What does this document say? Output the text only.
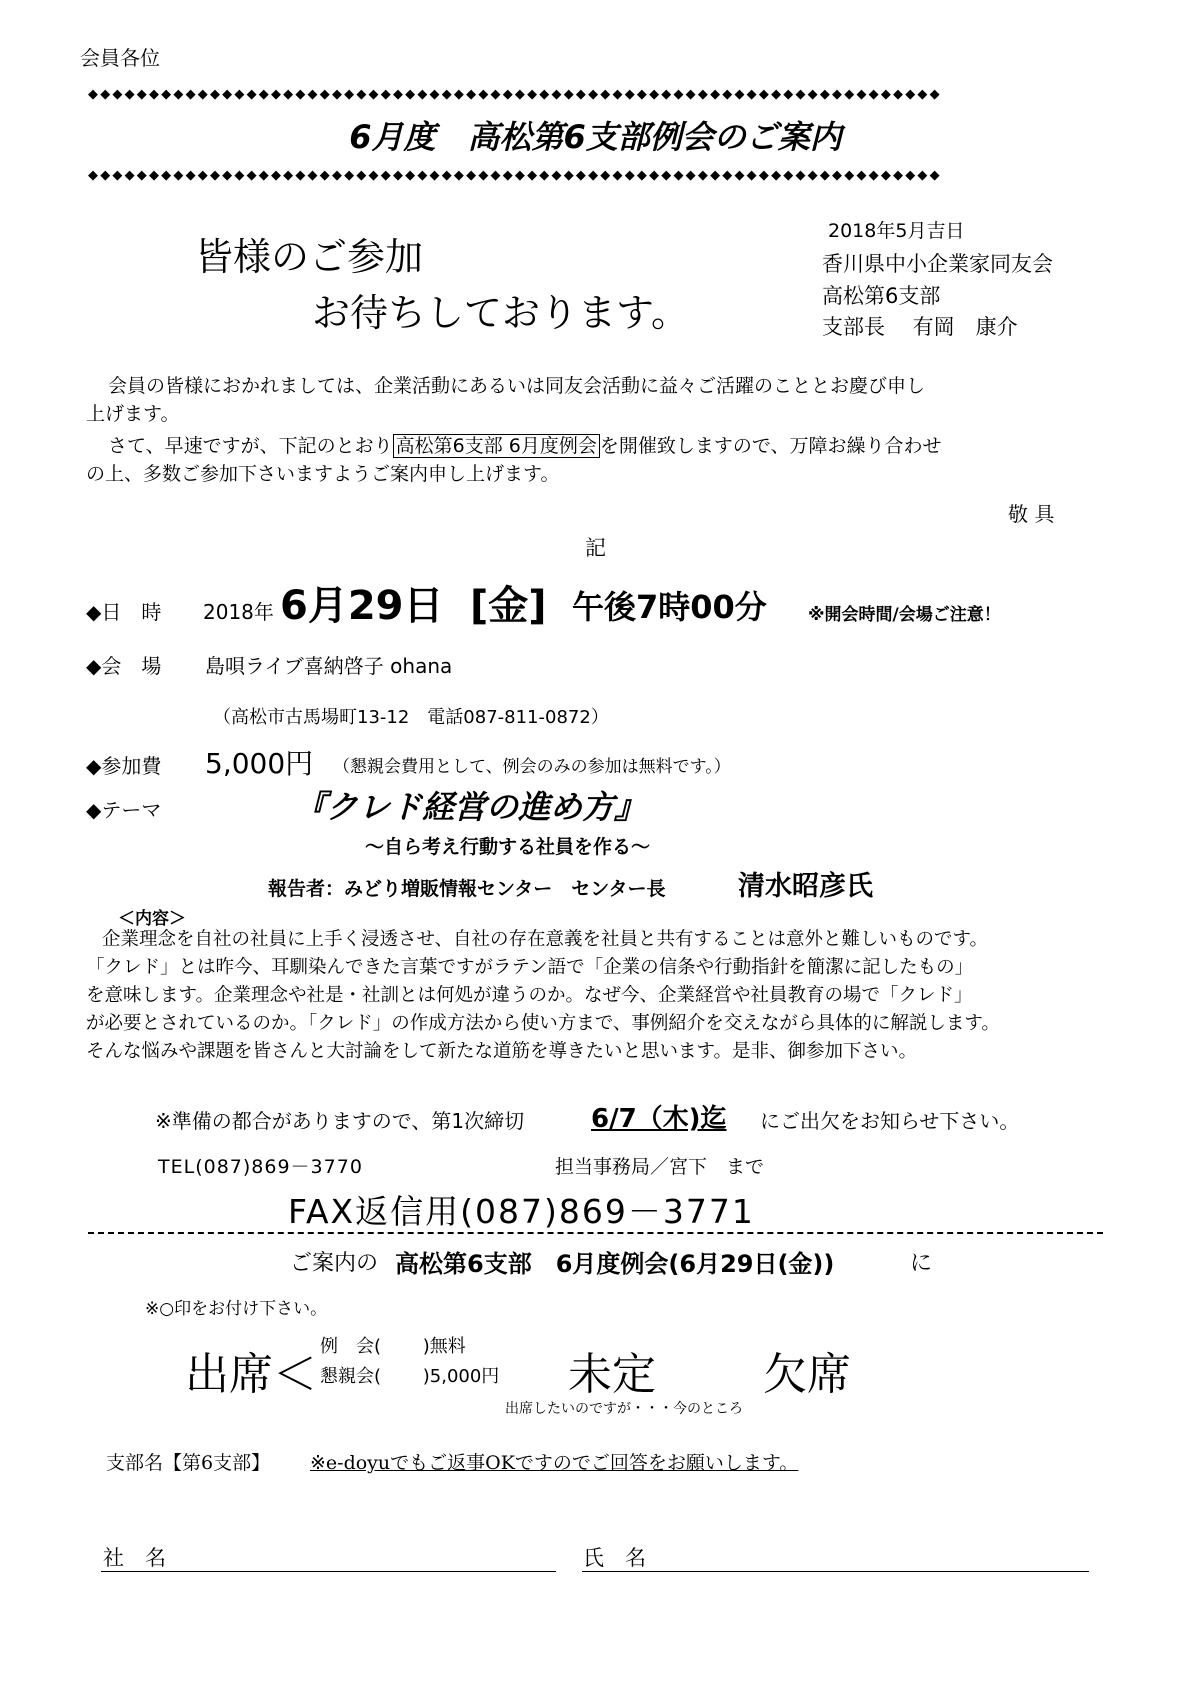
会員各位
◆◆◆◆◆◆◆◆◆◆◆◆◆◆◆◆◆◆◆◆◆◆◆◆◆◆◆◆◆◆◆◆◆◆◆◆◆◆◆◆◆◆◆◆◆◆◆◆◆◆◆◆◆◆◆◆◆◆◆◆◆◆◆◆◆◆◆◆◆◆
6月度　高松第6支部例会のご案内
◆◆◆◆◆◆◆◆◆◆◆◆◆◆◆◆◆◆◆◆◆◆◆◆◆◆◆◆◆◆◆◆◆◆◆◆◆◆◆◆◆◆◆◆◆◆◆◆◆◆◆◆◆◆◆◆◆◆◆◆◆◆◆◆◆◆◆◆◆◆
皆様のご参加
お待ちしております。
2018年5月吉日
香川県中小企業家同友会
高松第6支部
支部長　 有岡　康介
会員の皆様におかれましては、企業活動にあるいは同友会活動に益々ご活躍のこととお慶び申し
上げます。
さて、早速ですが、下記のとおり 高松第6支部 6月度例会 を開催致しますので、万障お繰り合わせ
の上、多数ご参加下さいますようご案内申し上げます。
敬 具
記
◆日　時 2018年 6月29日 [金] 午後7時00分 ※開会時間/会場ご注意！
◆会　場 島唄ライブ喜納啓子 ohana
（高松市古馬場町13-12　電話087-811-0872）
◆参加費 5,000円 （懇親会費用として、例会のみの参加は無料です。）
◆テーマ	『クレド経営の進め方』
～自ら考え行動する社員を作る～
報告者：みどり増販情報センター　センター長	清水昭彦氏
＜内容＞
企業理念を自社の社員に上手く浸透させ、自社の存在意義を社員と共有することは意外と難しいものです。
「クレド」とは昨今、耳馴染んできた言葉ですがラテン語で「企業の信条や行動指針を簡潔に記したもの」
を意味します。企業理念や社是・社訓とは何処が違うのか。なぜ今、企業経営や社員教育の場で「クレド」
が必要とされているのか。「クレド」の作成方法から使い方まで、事例紹介を交えながら具体的に解説します。
そんな悩みや課題を皆さんと大討論をして新たな道筋を導きたいと思います。是非、御参加下さい。
※準備の都合がありますので、第1次締切	6/7（木)迄 にご出欠をお知らせ下さい。
TEL(087)869－3770	担当事務局／宮下　まで
FAX返信用(087)869－3771
ご案内の 高松第6支部　6月度例会(6月29日(金))	に
※○印をお付け下さい。
出席＜
例　会(　　 )無料
懇親会(　　 )5,000円 未定 欠席
出席したいのですが・・・今のところ
支部名【第6支部】 ※e-doyuでもご返事OKですのでご回答をお願いします。
社　名	氏　名
